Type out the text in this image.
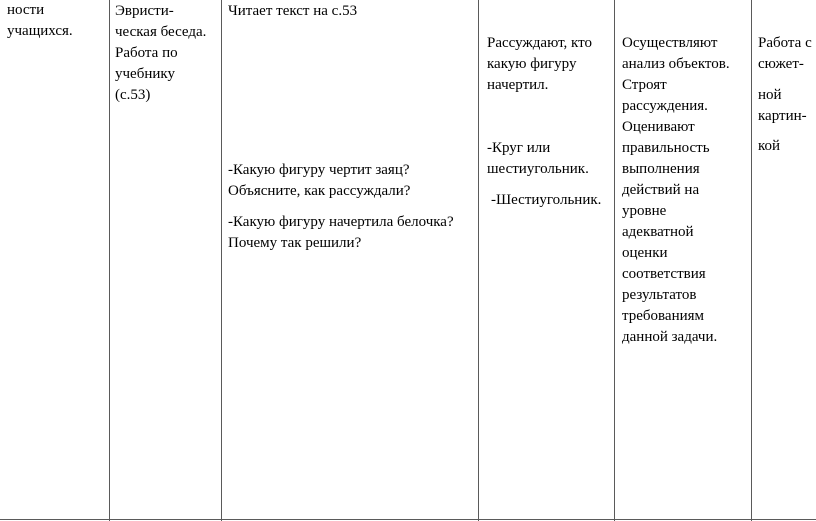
ности

учащихся.

Эвристи-

ческая беседа.

Работа по

учебнику

(с.53)

Читает текст на с.53

-Какую фигуру чертит заяц?

Объясните, как рассуждали?

-Какую фигуру начертила белочка?

Почему так решили?

Рассуждают, кто

какую фигуру

начертил.

-Круг или

шестиугольник.

-Шестиугольник.

Осуществляют

анализ объектов.

Строят

рассуждения.

Оценивают

правильность

выполнения

действий на

уровне

адекватной

оценки

соответствия

результатов

требованиям

данной задачи.

Работа с

сюжет-

ной

картин-

кой
